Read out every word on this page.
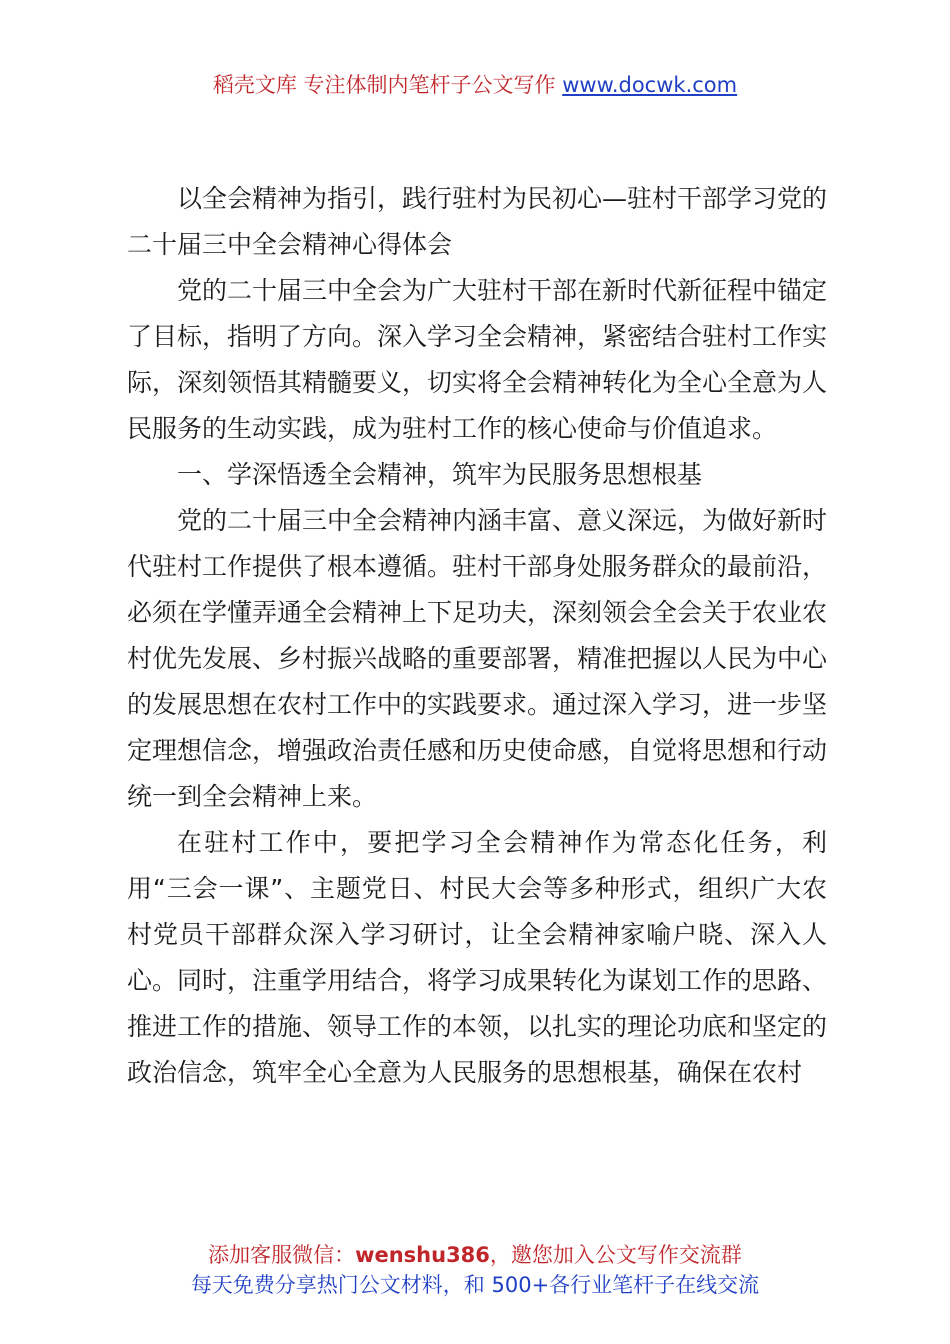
稻壳文库 专注体制内笔杆子公文写作 www.docwk.com

以全会精神为指引，践行驻村为民初心—驻村干部学习党的二十届三中全会精神心得体会

党的二十届三中全会为广大驻村干部在新时代新征程中锚定了目标，指明了方向。深入学习全会精神，紧密结合驻村工作实际，深刻领悟其精髓要义，切实将全会精神转化为全心全意为人民服务的生动实践，成为驻村工作的核心使命与价值追求。

一、学深悟透全会精神，筑牢为民服务思想根基

党的二十届三中全会精神内涵丰富、意义深远，为做好新时代驻村工作提供了根本遵循。驻村干部身处服务群众的最前沿，必须在学懂弄通全会精神上下足功夫，深刻领会全会关于农业农村优先发展、乡村振兴战略的重要部署，精准把握以人民为中心的发展思想在农村工作中的实践要求。通过深入学习，进一步坚定理想信念，增强政治责任感和历史使命感，自觉将思想和行动统一到全会精神上来。

在驻村工作中，要把学习全会精神作为常态化任务，利用“三会一课”、主题党日、村民大会等多种形式，组织广大农村党员干部群众深入学习研讨，让全会精神家喻户晓、深入人心。同时，注重学用结合，将学习成果转化为谋划工作的思路、推进工作的措施、领导工作的本领，以扎实的理论功底和坚定的政治信念，筑牢全心全意为人民服务的思想根基，确保在农村

添加客服微信：wenshu386，邀您加入公文写作交流群
每天免费分享热门公文材料，和 500+各行业笔杆子在线交流
